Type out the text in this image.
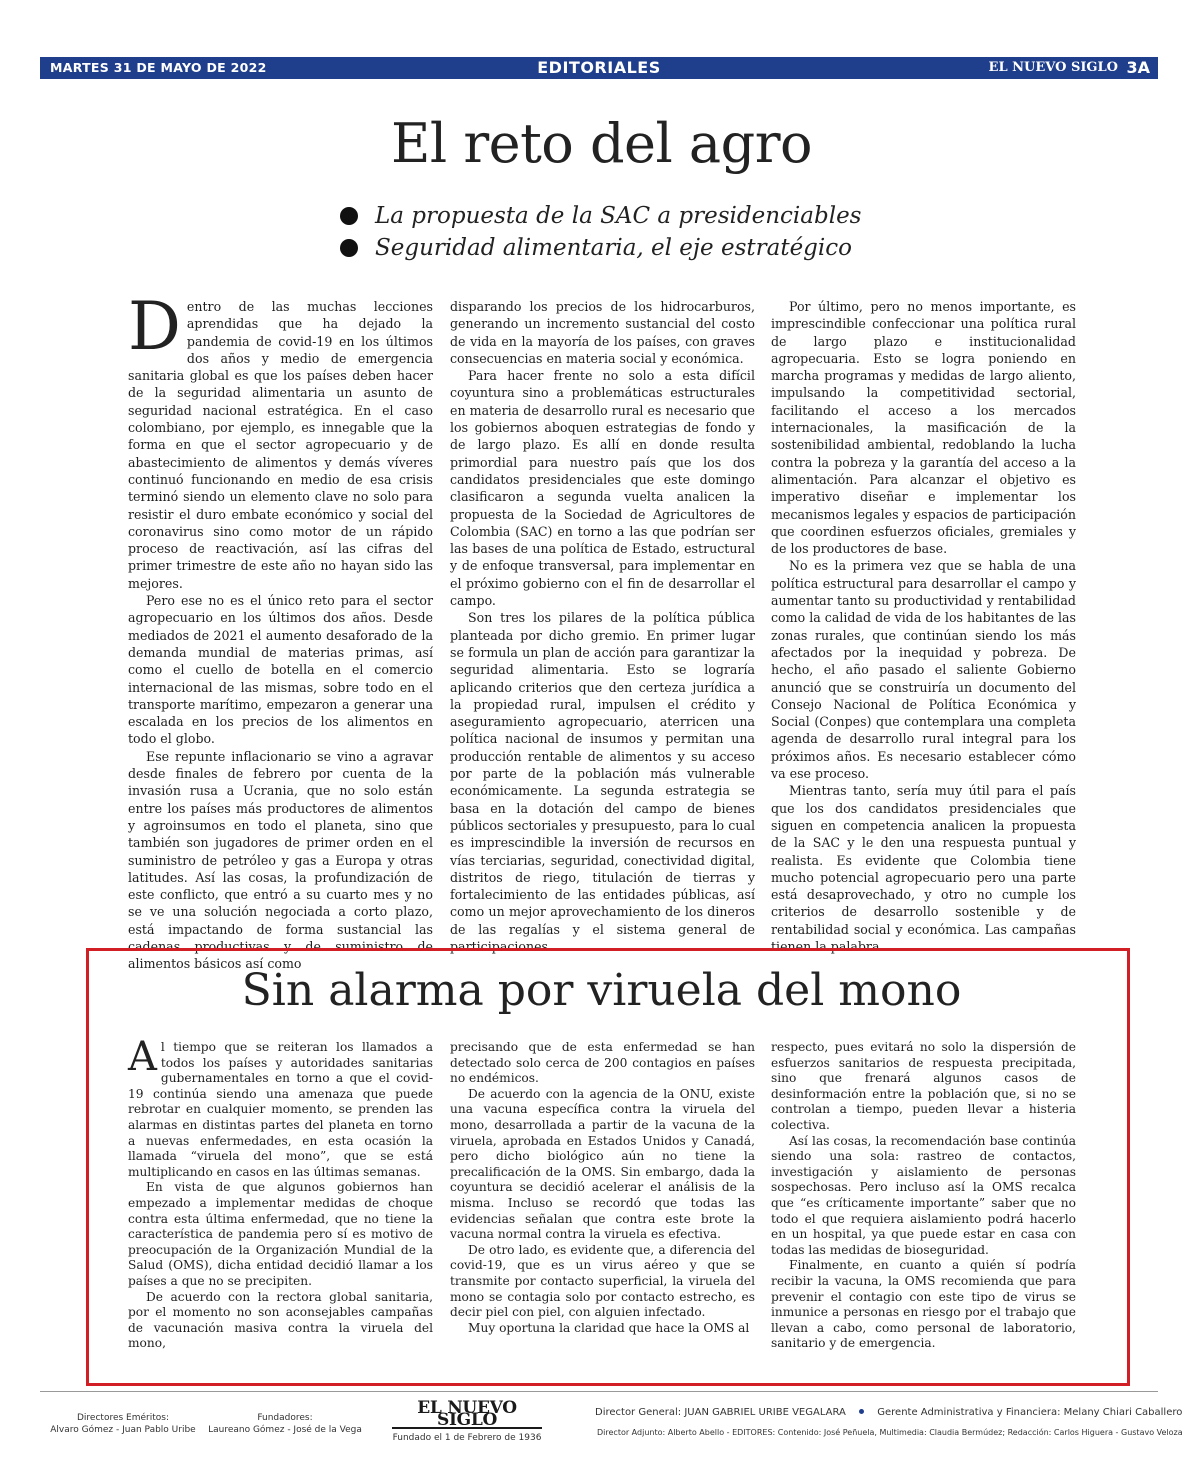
MARTES 31 DE MAYO DE 2022	EDITORIALES	EL NUEVO SIGLO 3A
El reto del agro
La propuesta de la SAC a presidenciables
Seguridad alimentaria, el eje estratégico

Dentro de las muchas lecciones aprendidas que ha dejado la pandemia de covid-19 en los últimos dos años y medio de emergencia sanitaria global es que los países deben hacer de la seguridad alimentaria un asunto de seguridad nacional estratégica. En el caso colombiano, por ejemplo, es innegable que la forma en que el sector agropecuario y de abastecimiento de alimentos y demás víveres continuó funcionando en medio de esa crisis terminó siendo un elemento clave no solo para resistir el duro embate económico y social del coronavirus sino como motor de un rápido proceso de reactivación, así las cifras del primer trimestre de este año no hayan sido las mejores.

Pero ese no es el único reto para el sector agropecuario en los últimos dos años. Desde mediados de 2021 el aumento desaforado de la demanda mundial de materias primas, así como el cuello de botella en el comercio internacional de las mismas, sobre todo en el transporte marítimo, empezaron a generar una escalada en los precios de los alimentos en todo el globo.

Ese repunte inflacionario se vino a agravar desde finales de febrero por cuenta de la invasión rusa a Ucrania, que no solo están entre los países más productores de alimentos y agroinsumos en todo el planeta, sino que también son jugadores de primer orden en el suministro de petróleo y gas a Europa y otras latitudes. Así las cosas, la profundización de este conflicto, que entró a su cuarto mes y no se ve una solución negociada a corto plazo, está impactando de forma sustancial las cadenas productivas y de suministro de alimentos básicos así como

disparando los precios de los hidrocarburos, generando un incremento sustancial del costo de vida en la mayoría de los países, con graves consecuencias en materia social y económica.

Para hacer frente no solo a esta difícil coyuntura sino a problemáticas estructurales en materia de desarrollo rural es necesario que los gobiernos aboquen estrategias de fondo y de largo plazo. Es allí en donde resulta primordial para nuestro país que los dos candidatos presidenciales que este domingo clasificaron a segunda vuelta analicen la propuesta de la Sociedad de Agricultores de Colombia (SAC) en torno a las que podrían ser las bases de una política de Estado, estructural y de enfoque transversal, para implementar en el próximo gobierno con el fin de desarrollar el campo.

Son tres los pilares de la política pública planteada por dicho gremio. En primer lugar se formula un plan de acción para garantizar la seguridad alimentaria. Esto se lograría aplicando criterios que den certeza jurídica a la propiedad rural, impulsen el crédito y aseguramiento agropecuario, aterricen una política nacional de insumos y permitan una producción rentable de alimentos y su acceso por parte de la población más vulnerable económicamente. La segunda estrategia se basa en la dotación del campo de bienes públicos sectoriales y presupuesto, para lo cual es imprescindible la inversión de recursos en vías terciarias, seguridad, conectividad digital, distritos de riego, titulación de tierras y fortalecimiento de las entidades públicas, así como un mejor aprovechamiento de los dineros de las regalías y el sistema general de participaciones.

Por último, pero no menos importante, es imprescindible confeccionar una política rural de largo plazo e institucionalidad agropecuaria. Esto se logra poniendo en marcha programas y medidas de largo aliento, impulsando la competitividad sectorial, facilitando el acceso a los mercados internacionales, la masificación de la sostenibilidad ambiental, redoblando la lucha contra la pobreza y la garantía del acceso a la alimentación. Para alcanzar el objetivo es imperativo diseñar e implementar los mecanismos legales y espacios de participación que coordinen esfuerzos oficiales, gremiales y de los productores de base.

No es la primera vez que se habla de una política estructural para desarrollar el campo y aumentar tanto su productividad y rentabilidad como la calidad de vida de los habitantes de las zonas rurales, que continúan siendo los más afectados por la inequidad y pobreza. De hecho, el año pasado el saliente Gobierno anunció que se construiría un documento del Consejo Nacional de Política Económica y Social (Conpes) que contemplara una completa agenda de desarrollo rural integral para los próximos años. Es necesario establecer cómo va ese proceso.

Mientras tanto, sería muy útil para el país que los dos candidatos presidenciales que siguen en competencia analicen la propuesta de la SAC y le den una respuesta puntual y realista. Es evidente que Colombia tiene mucho potencial agropecuario pero una parte está desaprovechado, y otro no cumple los criterios de desarrollo sostenible y de rentabilidad social y económica. Las campañas tienen la palabra.

Sin alarma por viruela del mono

Al tiempo que se reiteran los llamados a todos los países y autoridades sanitarias gubernamentales en torno a que el covid-19 continúa siendo una amenaza que puede rebrotar en cualquier momento, se prenden las alarmas en distintas partes del planeta en torno a nuevas enfermedades, en esta ocasión la llamada “viruela del mono”, que se está multiplicando en casos en las últimas semanas.

En vista de que algunos gobiernos han empezado a implementar medidas de choque contra esta última enfermedad, que no tiene la característica de pandemia pero sí es motivo de preocupación de la Organización Mundial de la Salud (OMS), dicha entidad decidió llamar a los países a que no se precipiten.

De acuerdo con la rectora global sanitaria, por el momento no son aconsejables campañas de vacunación masiva contra la viruela del mono,

precisando que de esta enfermedad se han detectado solo cerca de 200 contagios en países no endémicos.

De acuerdo con la agencia de la ONU, existe una vacuna específica contra la viruela del mono, desarrollada a partir de la vacuna de la viruela, aprobada en Estados Unidos y Canadá, pero dicho biológico aún no tiene la precalificación de la OMS. Sin embargo, dada la coyuntura se decidió acelerar el análisis de la misma. Incluso se recordó que todas las evidencias señalan que contra este brote la vacuna normal contra la viruela es efectiva.

De otro lado, es evidente que, a diferencia del covid-19, que es un virus aéreo y que se transmite por contacto superficial, la viruela del mono se contagia solo por contacto estrecho, es decir piel con piel, con alguien infectado.

Muy oportuna la claridad que hace la OMS al

respecto, pues evitará no solo la dispersión de esfuerzos sanitarios de respuesta precipitada, sino que frenará algunos casos de desinformación entre la población que, si no se controlan a tiempo, pueden llevar a histeria colectiva.

Así las cosas, la recomendación base continúa siendo una sola: rastreo de contactos, investigación y aislamiento de personas sospechosas. Pero incluso así la OMS recalca que “es críticamente importante” saber que no todo el que requiera aislamiento podrá hacerlo en un hospital, ya que puede estar en casa con todas las medidas de bioseguridad.

Finalmente, en cuanto a quién sí podría recibir la vacuna, la OMS recomienda que para prevenir el contagio con este tipo de virus se inmunice a personas en riesgo por el trabajo que llevan a cabo, como personal de laboratorio, sanitario y de emergencia.

Directores Eméritos:
Alvaro Gómez - Juan Pablo Uribe
Fundadores:
Laureano Gómez - José de la Vega
EL NUEVO SIGLO
Fundado el 1 de Febrero de 1936
Director General: JUAN GABRIEL URIBE VEGALARA	Gerente Administrativa y Financiera: Melany Chiari Caballero
Director Adjunto: Alberto Abello - EDITORES: Contenido: José Peñuela, Multimedia: Claudia Bermúdez; Redacción: Carlos Higuera - Gustavo Veloza
